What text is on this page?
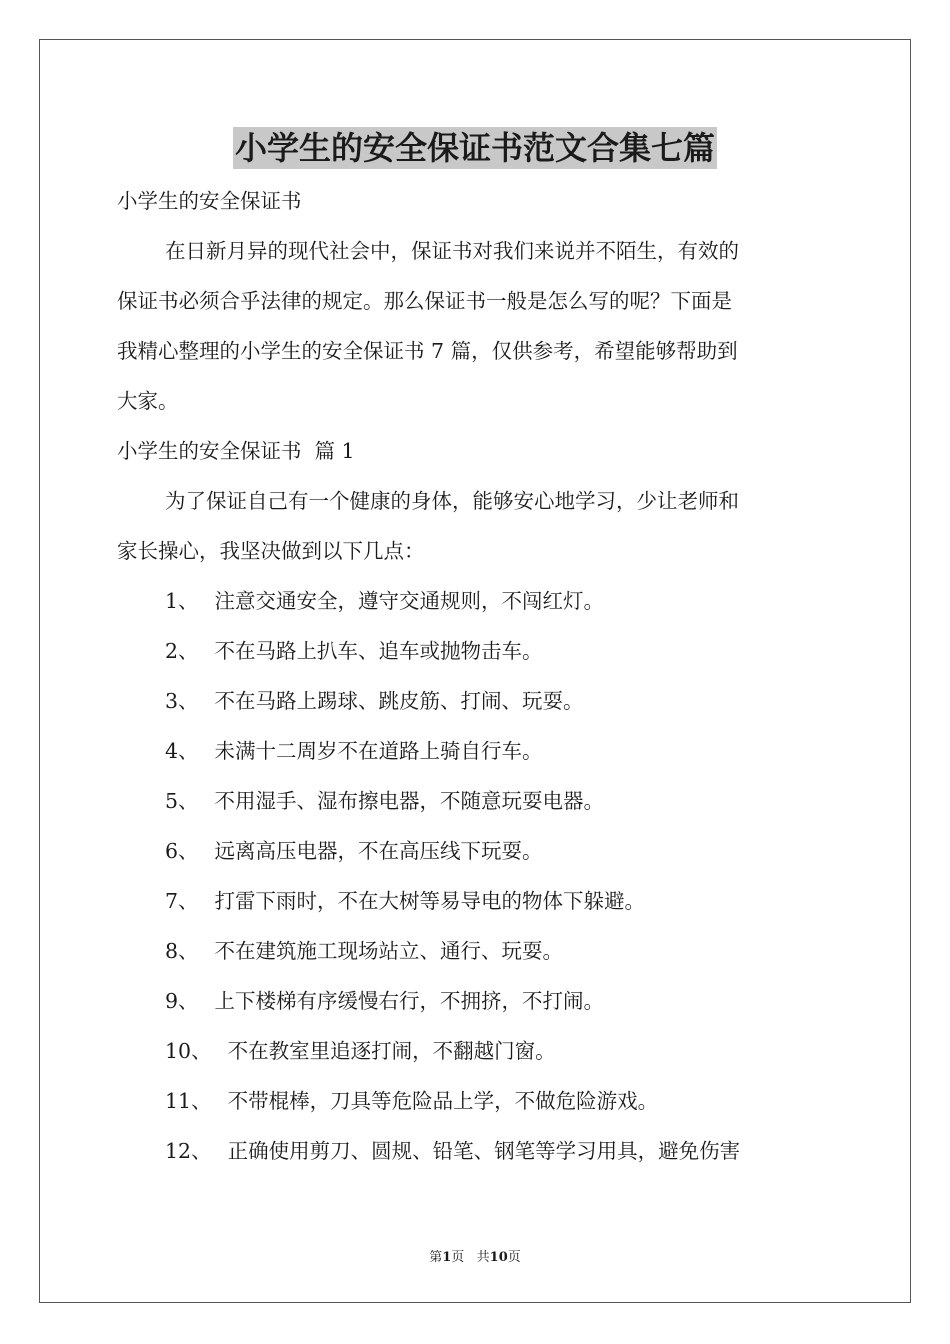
小学生的安全保证书范文合集七篇
小学生的安全保证书
在日新月异的现代社会中，保证书对我们来说并不陌生，有效的
保证书必须合乎法律的规定。那么保证书一般是怎么写的呢？下面是
我精心整理的小学生的安全保证书 7 篇，仅供参考，希望能够帮助到
大家。
小学生的安全保证书  篇 1
为了保证自己有一个健康的身体，能够安心地学习，少让老师和
家长操心，我坚决做到以下几点：
1、 注意交通安全，遵守交通规则，不闯红灯。
2、 不在马路上扒车、追车或抛物击车。
3、 不在马路上踢球、跳皮筋、打闹、玩耍。
4、 未满十二周岁不在道路上骑自行车。
5、 不用湿手、湿布擦电器，不随意玩耍电器。
6、 远离高压电器，不在高压线下玩耍。
7、 打雷下雨时，不在大树等易导电的物体下躲避。
8、 不在建筑施工现场站立、通行、玩耍。
9、 上下楼梯有序缓慢右行，不拥挤，不打闹。
10、 不在教室里追逐打闹，不翻越门窗。
11、 不带棍棒，刀具等危险品上学，不做危险游戏。
12、 正确使用剪刀、圆规、铅笔、钢笔等学习用具，避免伤害
第1页   共10页
